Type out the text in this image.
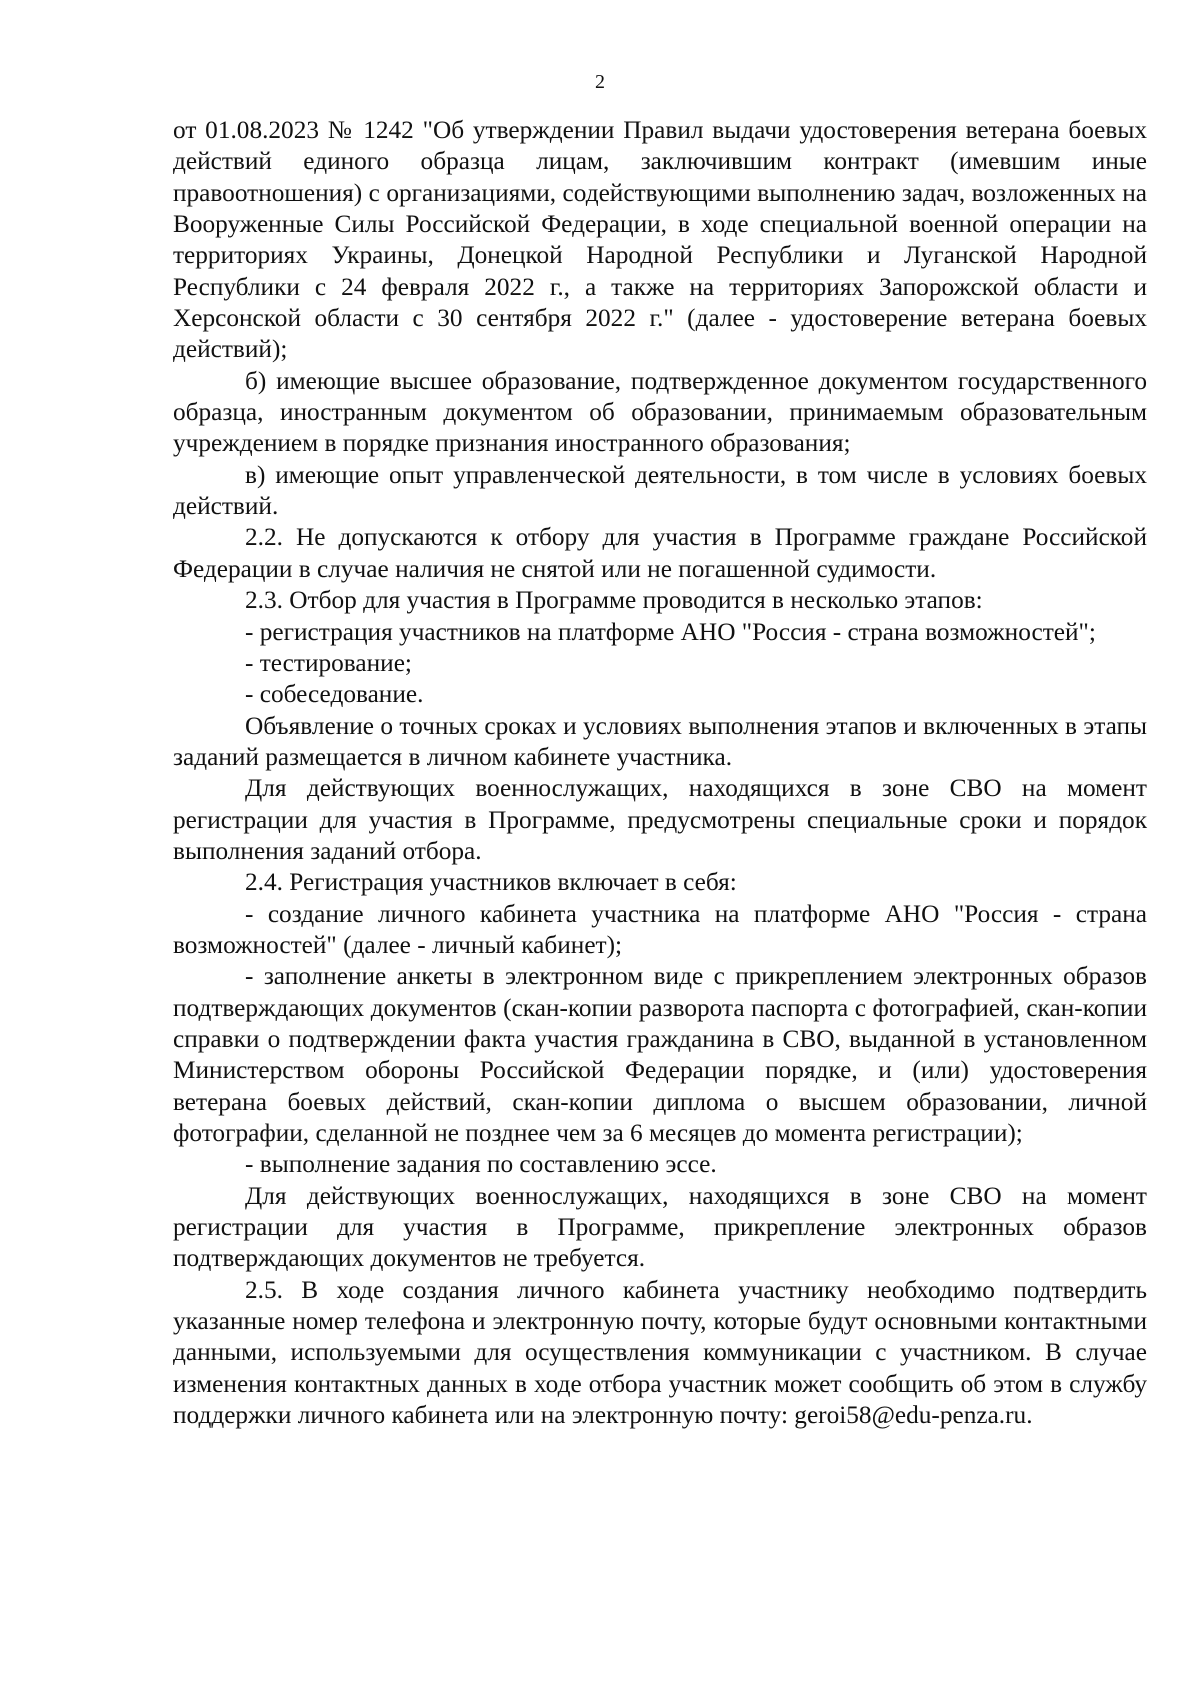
2

от 01.08.2023 № 1242 "Об утверждении Правил выдачи удостоверения ветерана боевых действий единого образца лицам, заключившим контракт (имевшим иные правоотношения) с организациями, содействующими выполнению задач, возложенных на Вооруженные Силы Российской Федерации, в ходе специальной военной операции на территориях Украины, Донецкой Народной Республики и Луганской Народной Республики с 24 февраля 2022 г., а также на территориях Запорожской области и Херсонской области с 30 сентября 2022 г." (далее - удостоверение ветерана боевых действий);

б) имеющие высшее образование, подтвержденное документом государственного образца, иностранным документом об образовании, принимаемым образовательным учреждением в порядке признания иностранного образования;

в) имеющие опыт управленческой деятельности, в том числе в условиях боевых действий.

2.2. Не допускаются к отбору для участия в Программе граждане Российской Федерации в случае наличия не снятой или не погашенной судимости.

2.3. Отбор для участия в Программе проводится в несколько этапов:

- регистрация участников на платформе АНО "Россия - страна возможностей";

- тестирование;

- собеседование.

Объявление о точных сроках и условиях выполнения этапов и включенных в этапы заданий размещается в личном кабинете участника.

Для действующих военнослужащих, находящихся в зоне СВО на момент регистрации для участия в Программе, предусмотрены специальные сроки и порядок выполнения заданий отбора.

2.4. Регистрация участников включает в себя:

- создание личного кабинета участника на платформе АНО "Россия - страна возможностей" (далее - личный кабинет);

- заполнение анкеты в электронном виде с прикреплением электронных образов подтверждающих документов (скан-копии разворота паспорта с фотографией, скан-копии справки о подтверждении факта участия гражданина в СВО, выданной в установленном Министерством обороны Российской Федерации порядке, и (или) удостоверения ветерана боевых действий, скан-копии диплома о высшем образовании, личной фотографии, сделанной не позднее чем за 6 месяцев до момента регистрации);

- выполнение задания по составлению эссе.

Для действующих военнослужащих, находящихся в зоне СВО на момент регистрации для участия в Программе, прикрепление электронных образов подтверждающих документов не требуется.

2.5. В ходе создания личного кабинета участнику необходимо подтвердить указанные номер телефона и электронную почту, которые будут основными контактными данными, используемыми для осуществления коммуникации с участником. В случае изменения контактных данных в ходе отбора участник может сообщить об этом в службу поддержки личного кабинета или на электронную почту: geroi58@edu-penza.ru.
